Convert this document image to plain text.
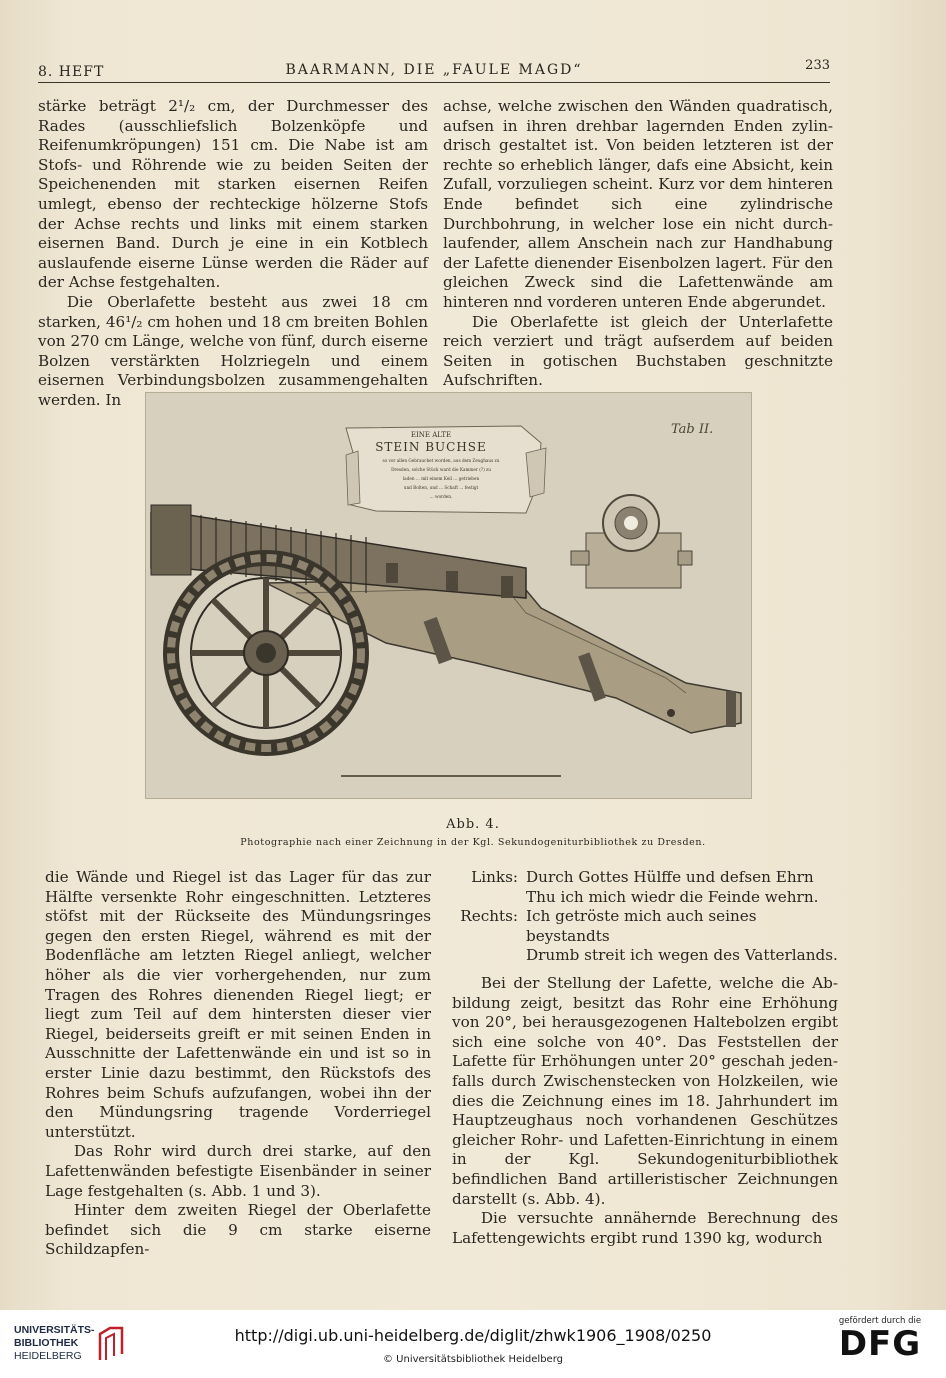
8. HEFT	BAARMANN, DIE „FAULE MAGD“	233

stärke beträgt 2¹/₂ cm, der Durchmesser des Rades (ausschliefslich Bolzenköpfe und Reifenumkröpungen) 151 cm. Die Nabe ist am Stofs- und Röhrende wie zu beiden Seiten der Speichenenden mit starken eisernen Reifen umlegt, ebenso der rechteckige hölzerne Stofs der Achse rechts und links mit einem starken eisernen Band. Durch je eine in ein Kotblech auslaufende eiserne Lünse werden die Räder auf der Achse festgehalten.

Die Oberlafette besteht aus zwei 18 cm starken, 46¹/₂ cm hohen und 18 cm breiten Bohlen von 270 cm Länge, welche von fünf, durch eiserne Bolzen verstärkten Holzriegeln und einem eisernen Verbindungsbolzen zusammengehalten werden. In

achse, welche zwischen den Wänden quadratisch, aufsen in ihren drehbar lagernden Enden zylindrisch gestaltet ist. Von beiden letzteren ist der rechte so erheblich länger, dafs eine Absicht, kein Zufall, vorzuliegen scheint. Kurz vor dem hinteren Ende befindet sich eine zylindrische Durchbohrung, in welcher lose ein nicht durchlaufender, allem Anschein nach zur Handhabung der Lafette dienender Eisenbolzen lagert. Für den gleichen Zweck sind die Lafettenwände am hinteren nnd vorderen unteren Ende abgerundet.

Die Oberlafette ist gleich der Unterlafette reich verziert und trägt aufserdem auf beiden Seiten in gotischen Buchstaben geschnitzte Aufschriften.

Tab II.
EINE ALTE
STEIN BUCHSE
so vor allen Gebrauchet worden, aus dem Zeughaus zu
Dresden, solche Stück ward die Kammer (?) zu
laden ... mit einem Keil ... getrieben
und Bolten, und ... Schaft ... festigt
... worden.
Abb. 4.
Photographie nach einer Zeichnung in der Kgl. Sekundogeniturbibliothek zu Dresden.

die Wände und Riegel ist das Lager für das zur Hälfte versenkte Rohr eingeschnitten. Letzteres stöfst mit der Rückseite des Mündungsringes gegen den ersten Riegel, während es mit der Bodenfläche am letzten Riegel anliegt, welcher höher als die vier vorhergehenden, nur zum Tragen des Rohres dienenden Riegel liegt; er liegt zum Teil auf dem hintersten dieser vier Riegel, beiderseits greift er mit seinen Enden in Ausschnitte der Lafettenwände ein und ist so in erster Linie dazu bestimmt, den Rückstofs des Rohres beim Schufs aufzufangen, wobei ihn der den Mündungsring tragende Vorderriegel unterstützt.

Das Rohr wird durch drei starke, auf den Lafettenwänden befestigte Eisenbänder in seiner Lage festgehalten (s. Abb. 1 und 3).

Hinter dem zweiten Riegel der Oberlafette befindet sich die 9 cm starke eiserne Schildzapfen-

Links: Durch Gottes Hülffe und defsen Ehrn
Thu ich mich wiedr die Feinde wehrn.
Rechts: Ich getröste mich auch seines beystandts
Drumb streit ich wegen des Vatterlands.

Bei der Stellung der Lafette, welche die Abbildung zeigt, besitzt das Rohr eine Erhöhung von 20°, bei herausgezogenen Haltebolzen ergibt sich eine solche von 40°. Das Feststellen der Lafette für Erhöhungen unter 20° geschah jedenfalls durch Zwischenstecken von Holzkeilen, wie dies die Zeichnung eines im 18. Jahrhundert im Hauptzeughaus noch vorhandenen Geschützes gleicher Rohr- und Lafetten-Einrichtung in einem in der Kgl. Sekundogeniturbibliothek befindlichen Band artilleristischer Zeichnungen darstellt (s. Abb. 4).

Die versuchte annähernde Berechnung des Lafettengewichts ergibt rund 1390 kg, wodurch

UNIVERSITÄTS-
BIBLIOTHEK
HEIDELBERG
http://digi.ub.uni-heidelberg.de/diglit/zhwk1906_1908/0250
© Universitätsbibliothek Heidelberg
gefördert durch die
DFG
